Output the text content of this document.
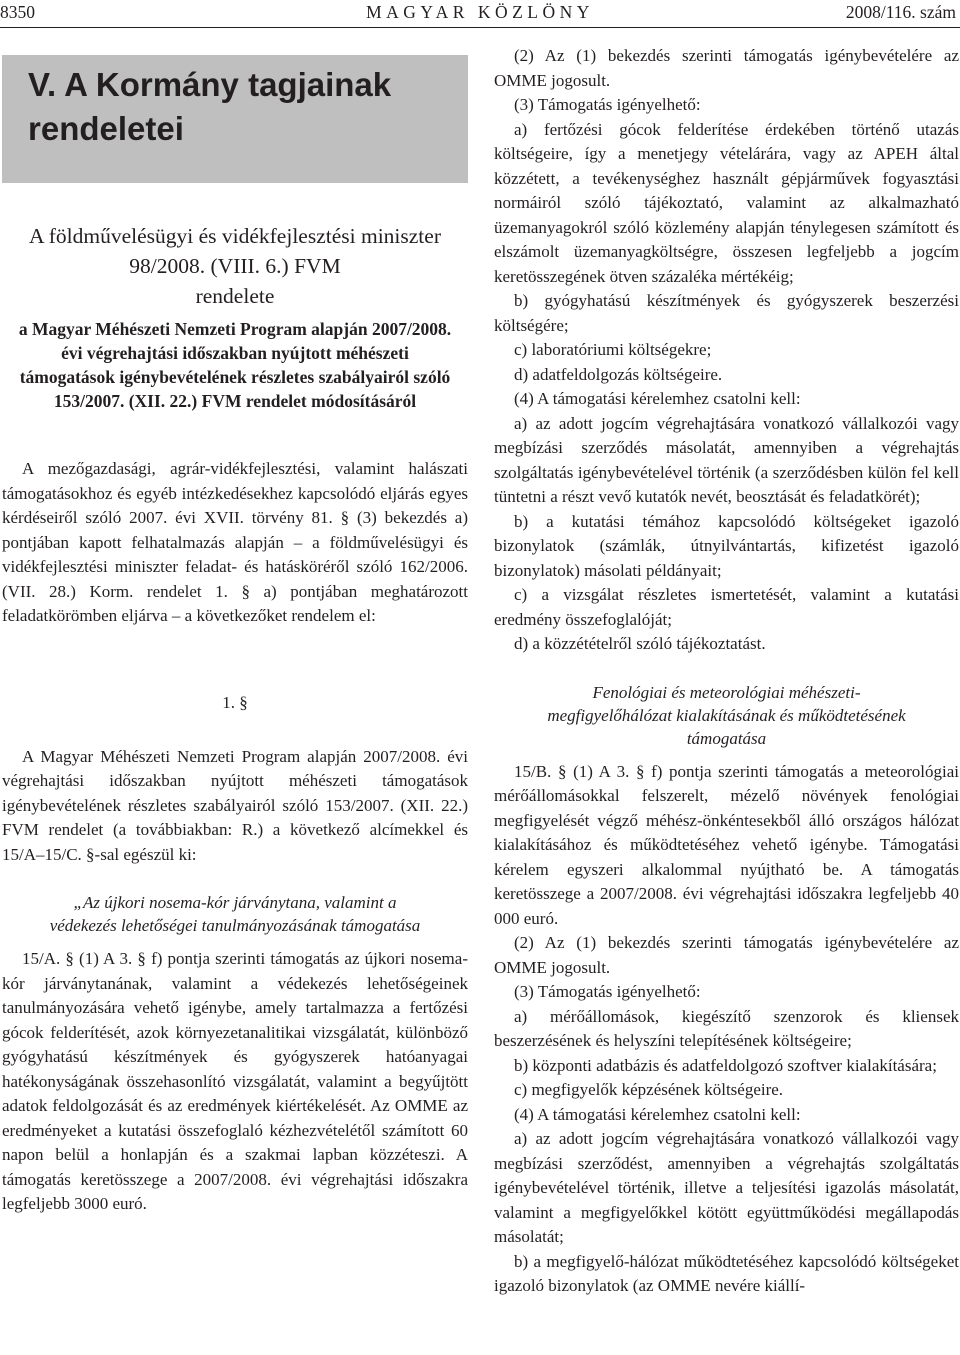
8350	MAGYAR KÖZLÖNY	2008/116. szám
V. A Kormány tagjainak rendeletei
A földművelésügyi és vidékfejlesztési miniszter
98/2008. (VIII. 6.) FVM
rendelete
a Magyar Méhészeti Nemzeti Program alapján 2007/2008. évi végrehajtási időszakban nyújtott méhészeti támogatások igénybevételének részletes szabályairól szóló 153/2007. (XII. 22.) FVM rendelet módosításáról

A mezőgazdasági, agrár-vidékfejlesztési, valamint halászati támogatásokhoz és egyéb intézkedésekhez kapcsolódó eljárás egyes kérdéseiről szóló 2007. évi XVII. törvény 81. § (3) bekezdés a) pontjában kapott felhatalmazás alapján – a földművelésügyi és vidékfejlesztési miniszter feladat- és hatásköréről szóló 162/2006. (VII. 28.) Korm. rendelet 1. § a) pontjában meghatározott feladatkörömben eljárva – a következőket rendelem el:

1. §

A Magyar Méhészeti Nemzeti Program alapján 2007/2008. évi végrehajtási időszakban nyújtott méhészeti támogatások igénybevételének részletes szabályairól szóló 153/2007. (XII. 22.) FVM rendelet (a továbbiakban: R.) a következő alcímekkel és 15/A–15/C. §-sal egészül ki:

„Az újkori nosema-kór járványtana, valamint a védekezés lehetőségei tanulmányozásának támogatása

15/A. § (1) A 3. § f) pontja szerinti támogatás az újkori nosema-kór járványtanának, valamint a védekezés lehetőségeinek tanulmányozására vehető igénybe, amely tartalmazza a fertőzési gócok felderítését, azok környezetanalitikai vizsgálatát, különböző gyógyhatású készítmények és gyógyszerek hatóanyagai hatékonyságának összehasonlító vizsgálatát, valamint a begyűjtött adatok feldolgozását és az eredmények kiértékelését. Az OMME az eredményeket a kutatási összefoglaló kézhezvételétől számított 60 napon belül a honlapján és a szakmai lapban közzéteszi. A támogatás keretösszege a 2007/2008. évi végrehajtási időszakra legfeljebb 3000 euró.

(2) Az (1) bekezdés szerinti támogatás igénybevételére az OMME jogosult.

(3) Támogatás igényelhető:

a) fertőzési gócok felderítése érdekében történő utazás költségeire, így a menetjegy vételárára, vagy az APEH által közzétett, a tevékenységhez használt gépjárművek fogyasztási normáiról szóló tájékoztató, valamint az alkalmazható üzemanyagokról szóló közlemény alapján ténylegesen számított és elszámolt üzemanyagköltségre, összesen legfeljebb a jogcím keretösszegének ötven százaléka mértékéig;

b) gyógyhatású készítmények és gyógyszerek beszerzési költségére;

c) laboratóriumi költségekre;

d) adatfeldolgozás költségeire.

(4) A támogatási kérelemhez csatolni kell:

a) az adott jogcím végrehajtására vonatkozó vállalkozói vagy megbízási szerződés másolatát, amennyiben a végrehajtás szolgáltatás igénybevételével történik (a szerződésben külön fel kell tüntetni a részt vevő kutatók nevét, beosztását és feladatkörét);

b) a kutatási témához kapcsolódó költségeket igazoló bizonylatok (számlák, útnyilvántartás, kifizetést igazoló bizonylatok) másolati példányait;

c) a vizsgálat részletes ismertetését, valamint a kutatási eredmény összefoglalóját;

d) a közzétételről szóló tájékoztatást.

Fenológiai és meteorológiai méhészeti-megfigyelőhálózat kialakításának és működtetésének támogatása

15/B. § (1) A 3. § f) pontja szerinti támogatás a meteorológiai mérőállomásokkal felszerelt, mézelő növények fenológiai megfigyelését végző méhész-önkéntesekből álló országos hálózat kialakításához és működtetéséhez vehető igénybe. Támogatási kérelem egyszeri alkalommal nyújtható be. A támogatás keretösszege a 2007/2008. évi végrehajtási időszakra legfeljebb 40 000 euró.

(2) Az (1) bekezdés szerinti támogatás igénybevételére az OMME jogosult.

(3) Támogatás igényelhető:

a) mérőállomások, kiegészítő szenzorok és kliensek beszerzésének és helyszíni telepítésének költségeire;

b) központi adatbázis és adatfeldolgozó szoftver kialakítására;

c) megfigyelők képzésének költségeire.

(4) A támogatási kérelemhez csatolni kell:

a) az adott jogcím végrehajtására vonatkozó vállalkozói vagy megbízási szerződést, amennyiben a végrehajtás szolgáltatás igénybevételével történik, illetve a teljesítési igazolás másolatát, valamint a megfigyelőkkel kötött együttműködési megállapodás másolatát;

b) a megfigyelő-hálózat működtetéséhez kapcsolódó költségeket igazoló bizonylatok (az OMME nevére kiállí-
